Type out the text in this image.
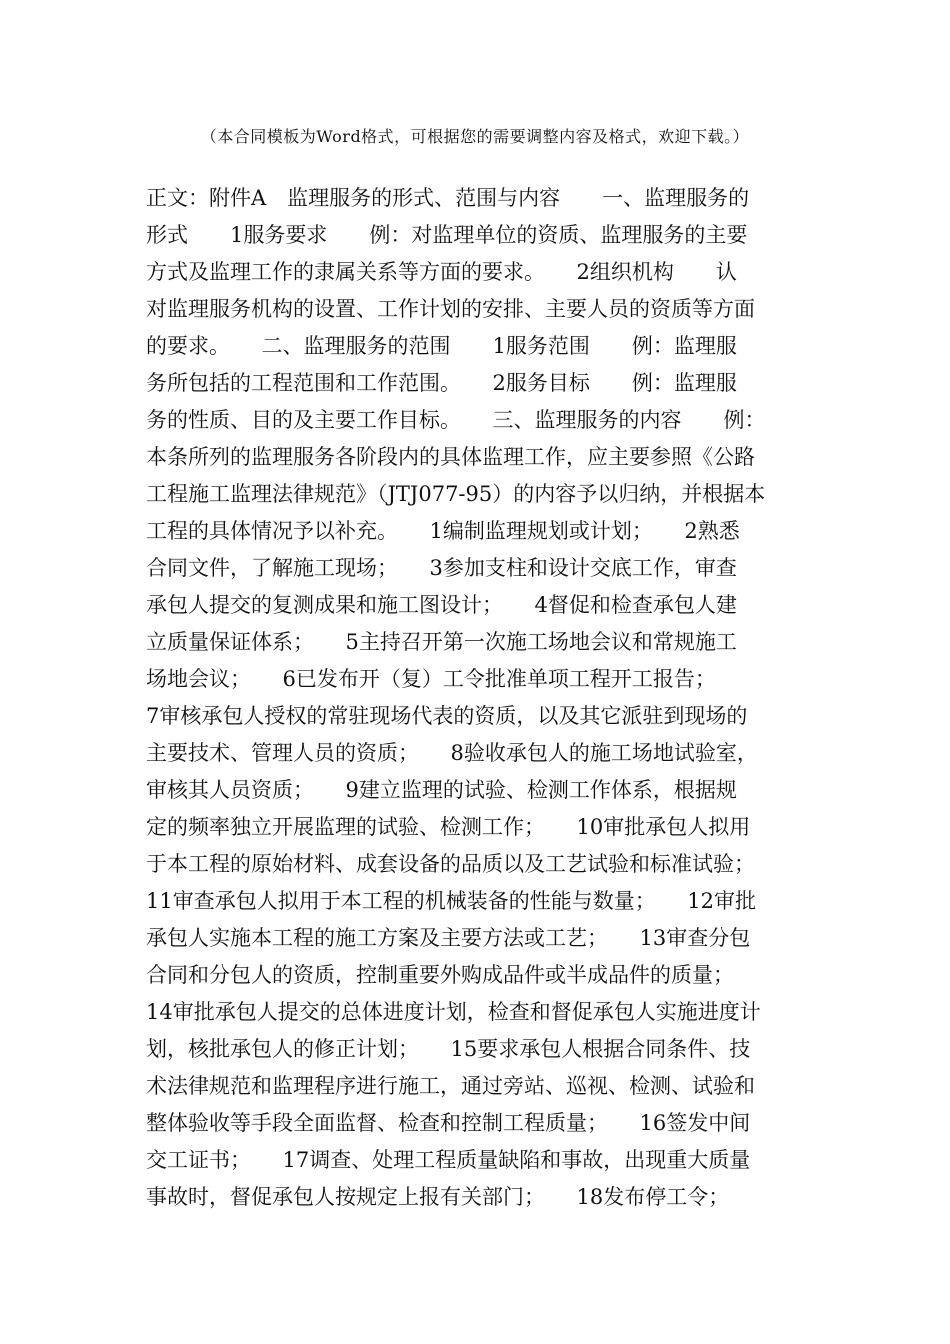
（本合同模板为Word格式，可根据您的需要调整内容及格式，欢迎下载。）
正文：附件A　监理服务的形式、范围与内容　　一、监理服务的
形式　　1服务要求　　例：对监理单位的资质、监理服务的主要
方式及监理工作的隶属关系等方面的要求。　　2组织机构　　认
对监理服务机构的设置、工作计划的安排、主要人员的资质等方面
的要求。　　二、监理服务的范围　　1服务范围　　例：监理服
务所包括的工程范围和工作范围。　　2服务目标　　例：监理服
务的性质、目的及主要工作目标。　　三、监理服务的内容　　例：
本条所列的监理服务各阶段内的具体监理工作，应主要参照《公路
工程施工监理法律规范》（JTJ077-95）的内容予以归纳，并根据本
工程的具体情况予以补充。　　1编制监理规划或计划；　　2熟悉
合同文件，了解施工现场；　　3参加支柱和设计交底工作，审查
承包人提交的复测成果和施工图设计；　　4督促和检查承包人建
立质量保证体系；　　5主持召开第一次施工场地会议和常规施工
场地会议；　　6已发布开（复）工令批准单项工程开工报告；
7审核承包人授权的常驻现场代表的资质，以及其它派驻到现场的
主要技术、管理人员的资质；　　8验收承包人的施工场地试验室，
审核其人员资质；　　9建立监理的试验、检测工作体系，根据规
定的频率独立开展监理的试验、检测工作；　　10审批承包人拟用
于本工程的原始材料、成套设备的品质以及工艺试验和标准试验；
11审查承包人拟用于本工程的机械装备的性能与数量；　　12审批
承包人实施本工程的施工方案及主要方法或工艺；　　13审查分包
合同和分包人的资质，控制重要外购成品件或半成品件的质量；
14审批承包人提交的总体进度计划，检查和督促承包人实施进度计
划，核批承包人的修正计划；　　15要求承包人根据合同条件、技
术法律规范和监理程序进行施工，通过旁站、巡视、检测、试验和
整体验收等手段全面监督、检查和控制工程质量；　　16签发中间
交工证书；　　17调查、处理工程质量缺陷和事故，出现重大质量
事故时，督促承包人按规定上报有关部门；　　18发布停工令；
